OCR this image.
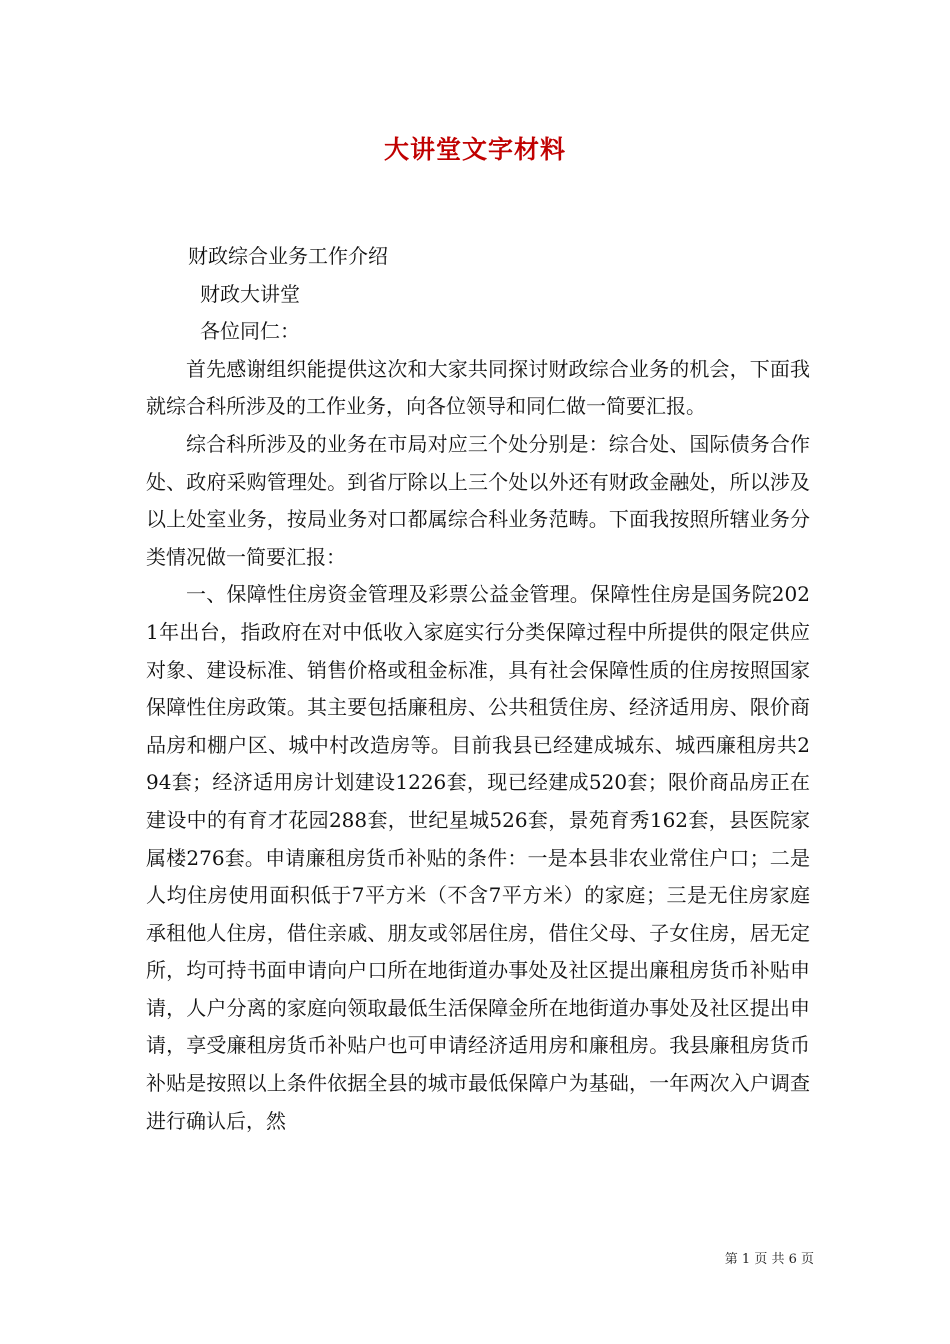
大讲堂文字材料

财政综合业务工作介绍

财政大讲堂

各位同仁：

首先感谢组织能提供这次和大家共同探讨财政综合业务的机会，下面我就综合科所涉及的工作业务，向各位领导和同仁做一简要汇报。

综合科所涉及的业务在市局对应三个处分别是：综合处、国际债务合作处、政府采购管理处。到省厅除以上三个处以外还有财政金融处，所以涉及以上处室业务，按局业务对口都属综合科业务范畴。下面我按照所辖业务分类情况做一简要汇报：

一、保障性住房资金管理及彩票公益金管理。保障性住房是国务院2021年出台，指政府在对中低收入家庭实行分类保障过程中所提供的限定供应对象、建设标准、销售价格或租金标准，具有社会保障性质的住房按照国家保障性住房政策。其主要包括廉租房、公共租赁住房、经济适用房、限价商品房和棚户区、城中村改造房等。目前我县已经建成城东、城西廉租房共294套；经济适用房计划建设1226套，现已经建成520套；限价商品房正在建设中的有育才花园288套，世纪星城526套，景苑育秀162套，县医院家属楼276套。申请廉租房货币补贴的条件：一是本县非农业常住户口；二是人均住房使用面积低于7平方米（不含7平方米）的家庭；三是无住房家庭承租他人住房，借住亲戚、朋友或邻居住房，借住父母、子女住房，居无定所，均可持书面申请向户口所在地街道办事处及社区提出廉租房货币补贴申请，人户分离的家庭向领取最低生活保障金所在地街道办事处及社区提出申请，享受廉租房货币补贴户也可申请经济适用房和廉租房。我县廉租房货币补贴是按照以上条件依据全县的城市最低保障户为基础，一年两次入户调查进行确认后，然

第 1 页 共 6 页
